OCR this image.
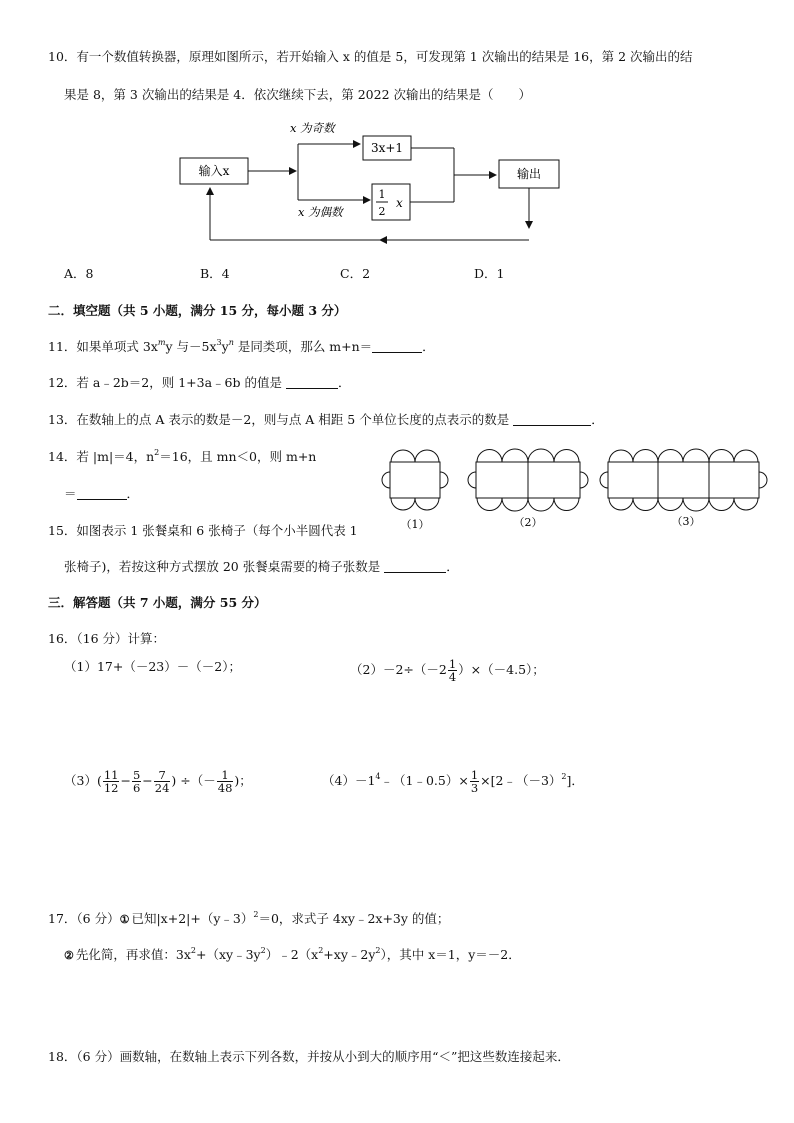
10．有一个数值转换器，原理如图所示，若开始输入 x 的值是 5，可发现第 1 次输出的结果是 16，第 2 次输出的结
果是 8，第 3 次输出的结果是 4．依次继续下去，第 2022 次输出的结果是（　　）
输入x
x 为奇数
x 为偶数
3x+1
1
2
x
输出
A．8	B．4	C．2	D．1
二．填空题（共 5 小题，满分 15 分，每小题 3 分）
11．如果单项式 $3x^my$ 与$-5x^3y^n$ 是同类项，那么 m+n＝	．
12．若 a﹣2b＝2，则 1+3a﹣6b 的值是	．
13．在数轴上的点 A 表示的数是－2，则与点 A 相距 5 个单位长度的点表示的数是	．
14．若 |m|＝4，$n^2=16$，且 mn＜0，则 m+n
＝	．
15．如图表示 1 张餐桌和 6 张椅子（每个小半圆代表 1
张椅子)，若按这种方式摆放 20 张餐桌需要的椅子张数是	．
（1）	（2）	（3）
三．解答题（共 7 小题，满分 55 分）
16．（16 分）计算：
（1）17+（－23）－（－2）；	$(2)-2\div(-2 \frac{1}{4} )\times(-4.5)$；
$(3)( \frac{11}{12} - \frac{5}{6} - \frac{7}{24}$ ) ÷（－ $\frac{1}{48}$ )；	$(4)-1^4﹣(1﹣0.5)\times \frac{1}{3}$ $\times[2﹣(-3)^2]$．
17．（6 分）① 已知|x+2|+（y﹣3）$^2$＝0，求式子 4xy﹣2x+3y 的值；
② 先化简，再求值：$3x^2+(xy﹣3y^2)﹣2(x^2+xy﹣2y^2)$，其中 x＝1，y＝－2．
18．（6 分）画数轴，在数轴上表示下列各数，并按从小到大的顺序用“＜”把这些数连接起来．
